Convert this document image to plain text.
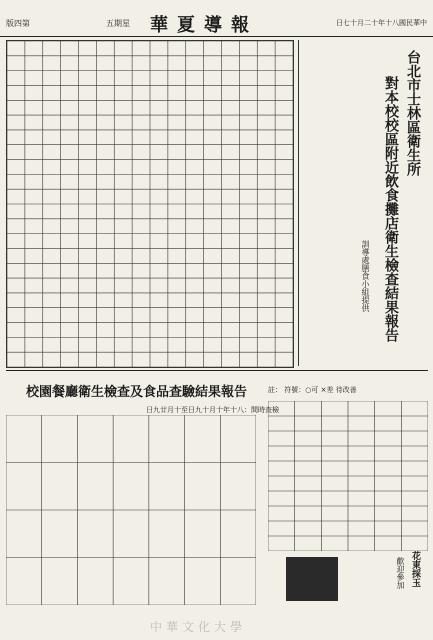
版四第	五期星 華夏導報	日七十月二十年十八國民華中
台北市士林區衛生所
對本校校區附近飲食攤店衛生檢查結果報告
訓導處膳食小組提供
校園餐廳衛生檢查及食品查驗結果報告
日九廿月十至日九十月十年十八：間時查檢
註： 符號：○可 ×差 待改善
花東採玉
歡迎參加
中華文化大學
